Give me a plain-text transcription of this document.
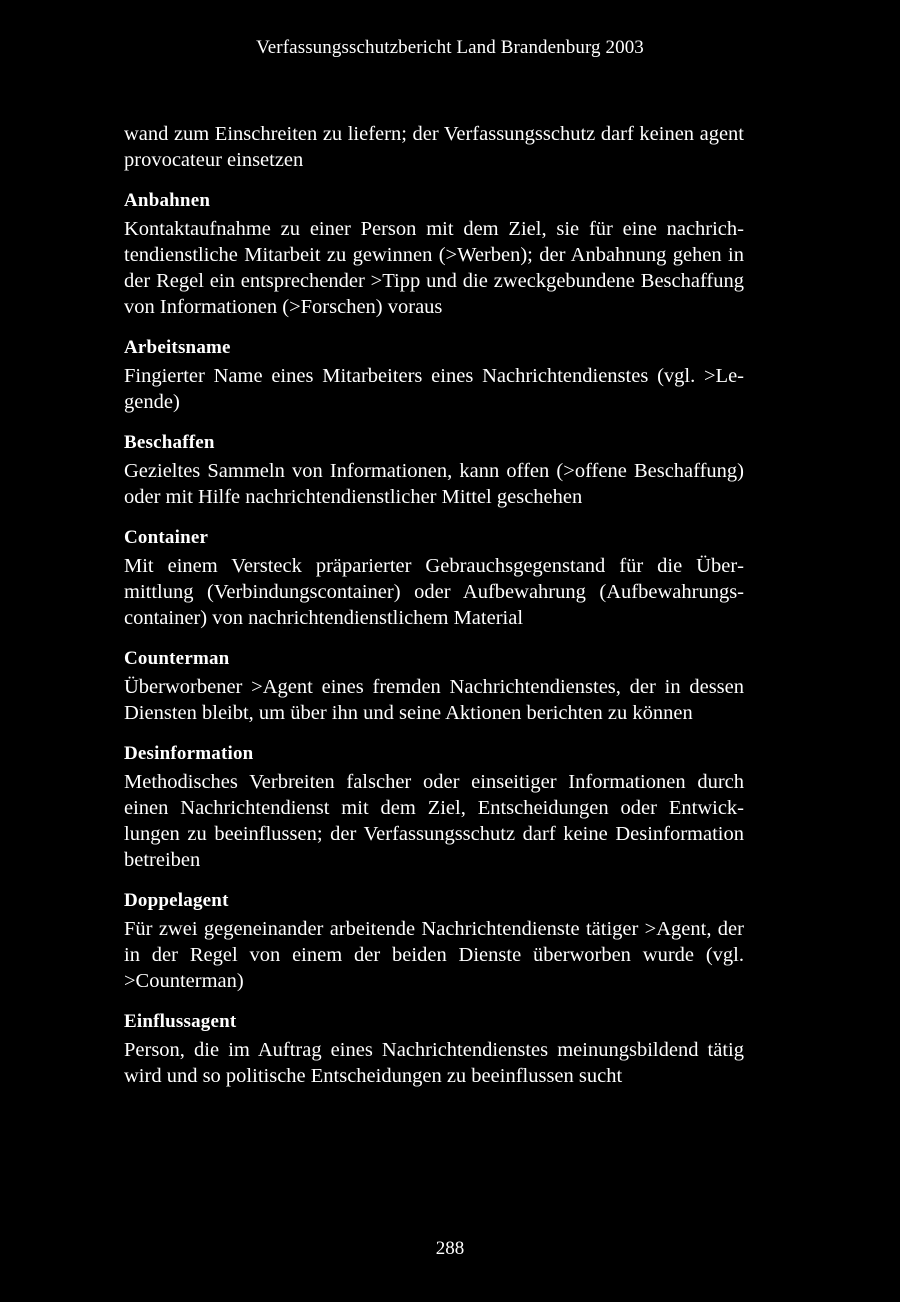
Verfassungsschutzbericht Land Brandenburg 2003

wand zum Einschreiten zu liefern; der Verfassungsschutz darf keinen agent provocateur einsetzen

Anbahnen

Kontaktaufnahme zu einer Person mit dem Ziel, sie für eine nachrichtendienstliche Mitarbeit zu gewinnen (>Werben); der Anbahnung gehen in der Regel ein entsprechender >Tipp und die zweckgebundene Beschaffung von Informationen (>Forschen) voraus

Arbeitsname

Fingierter Name eines Mitarbeiters eines Nachrichtendienstes (vgl. >Legende)

Beschaffen

Gezieltes Sammeln von Informationen, kann offen (>offene Beschaffung) oder mit Hilfe nachrichtendienstlicher Mittel geschehen

Container

Mit einem Versteck präparierter Gebrauchsgegenstand für die Übermittlung (Verbindungscontainer) oder Aufbewahrung (Aufbewahrungscontainer) von nachrichtendienstlichem Material

Counterman

Überworbener >Agent eines fremden Nachrichtendienstes, der in dessen Diensten bleibt, um über ihn und seine Aktionen berichten zu können

Desinformation

Methodisches Verbreiten falscher oder einseitiger Informationen durch einen Nachrichtendienst mit dem Ziel, Entscheidungen oder Entwicklungen zu beeinflussen; der Verfassungsschutz darf keine Desinformation betreiben

Doppelagent

Für zwei gegeneinander arbeitende Nachrichtendienste tätiger >Agent, der in der Regel von einem der beiden Dienste überworben wurde (vgl. >Counterman)

Einflussagent

Person, die im Auftrag eines Nachrichtendienstes meinungsbildend tätig wird und so politische Entscheidungen zu beeinflussen sucht

288
